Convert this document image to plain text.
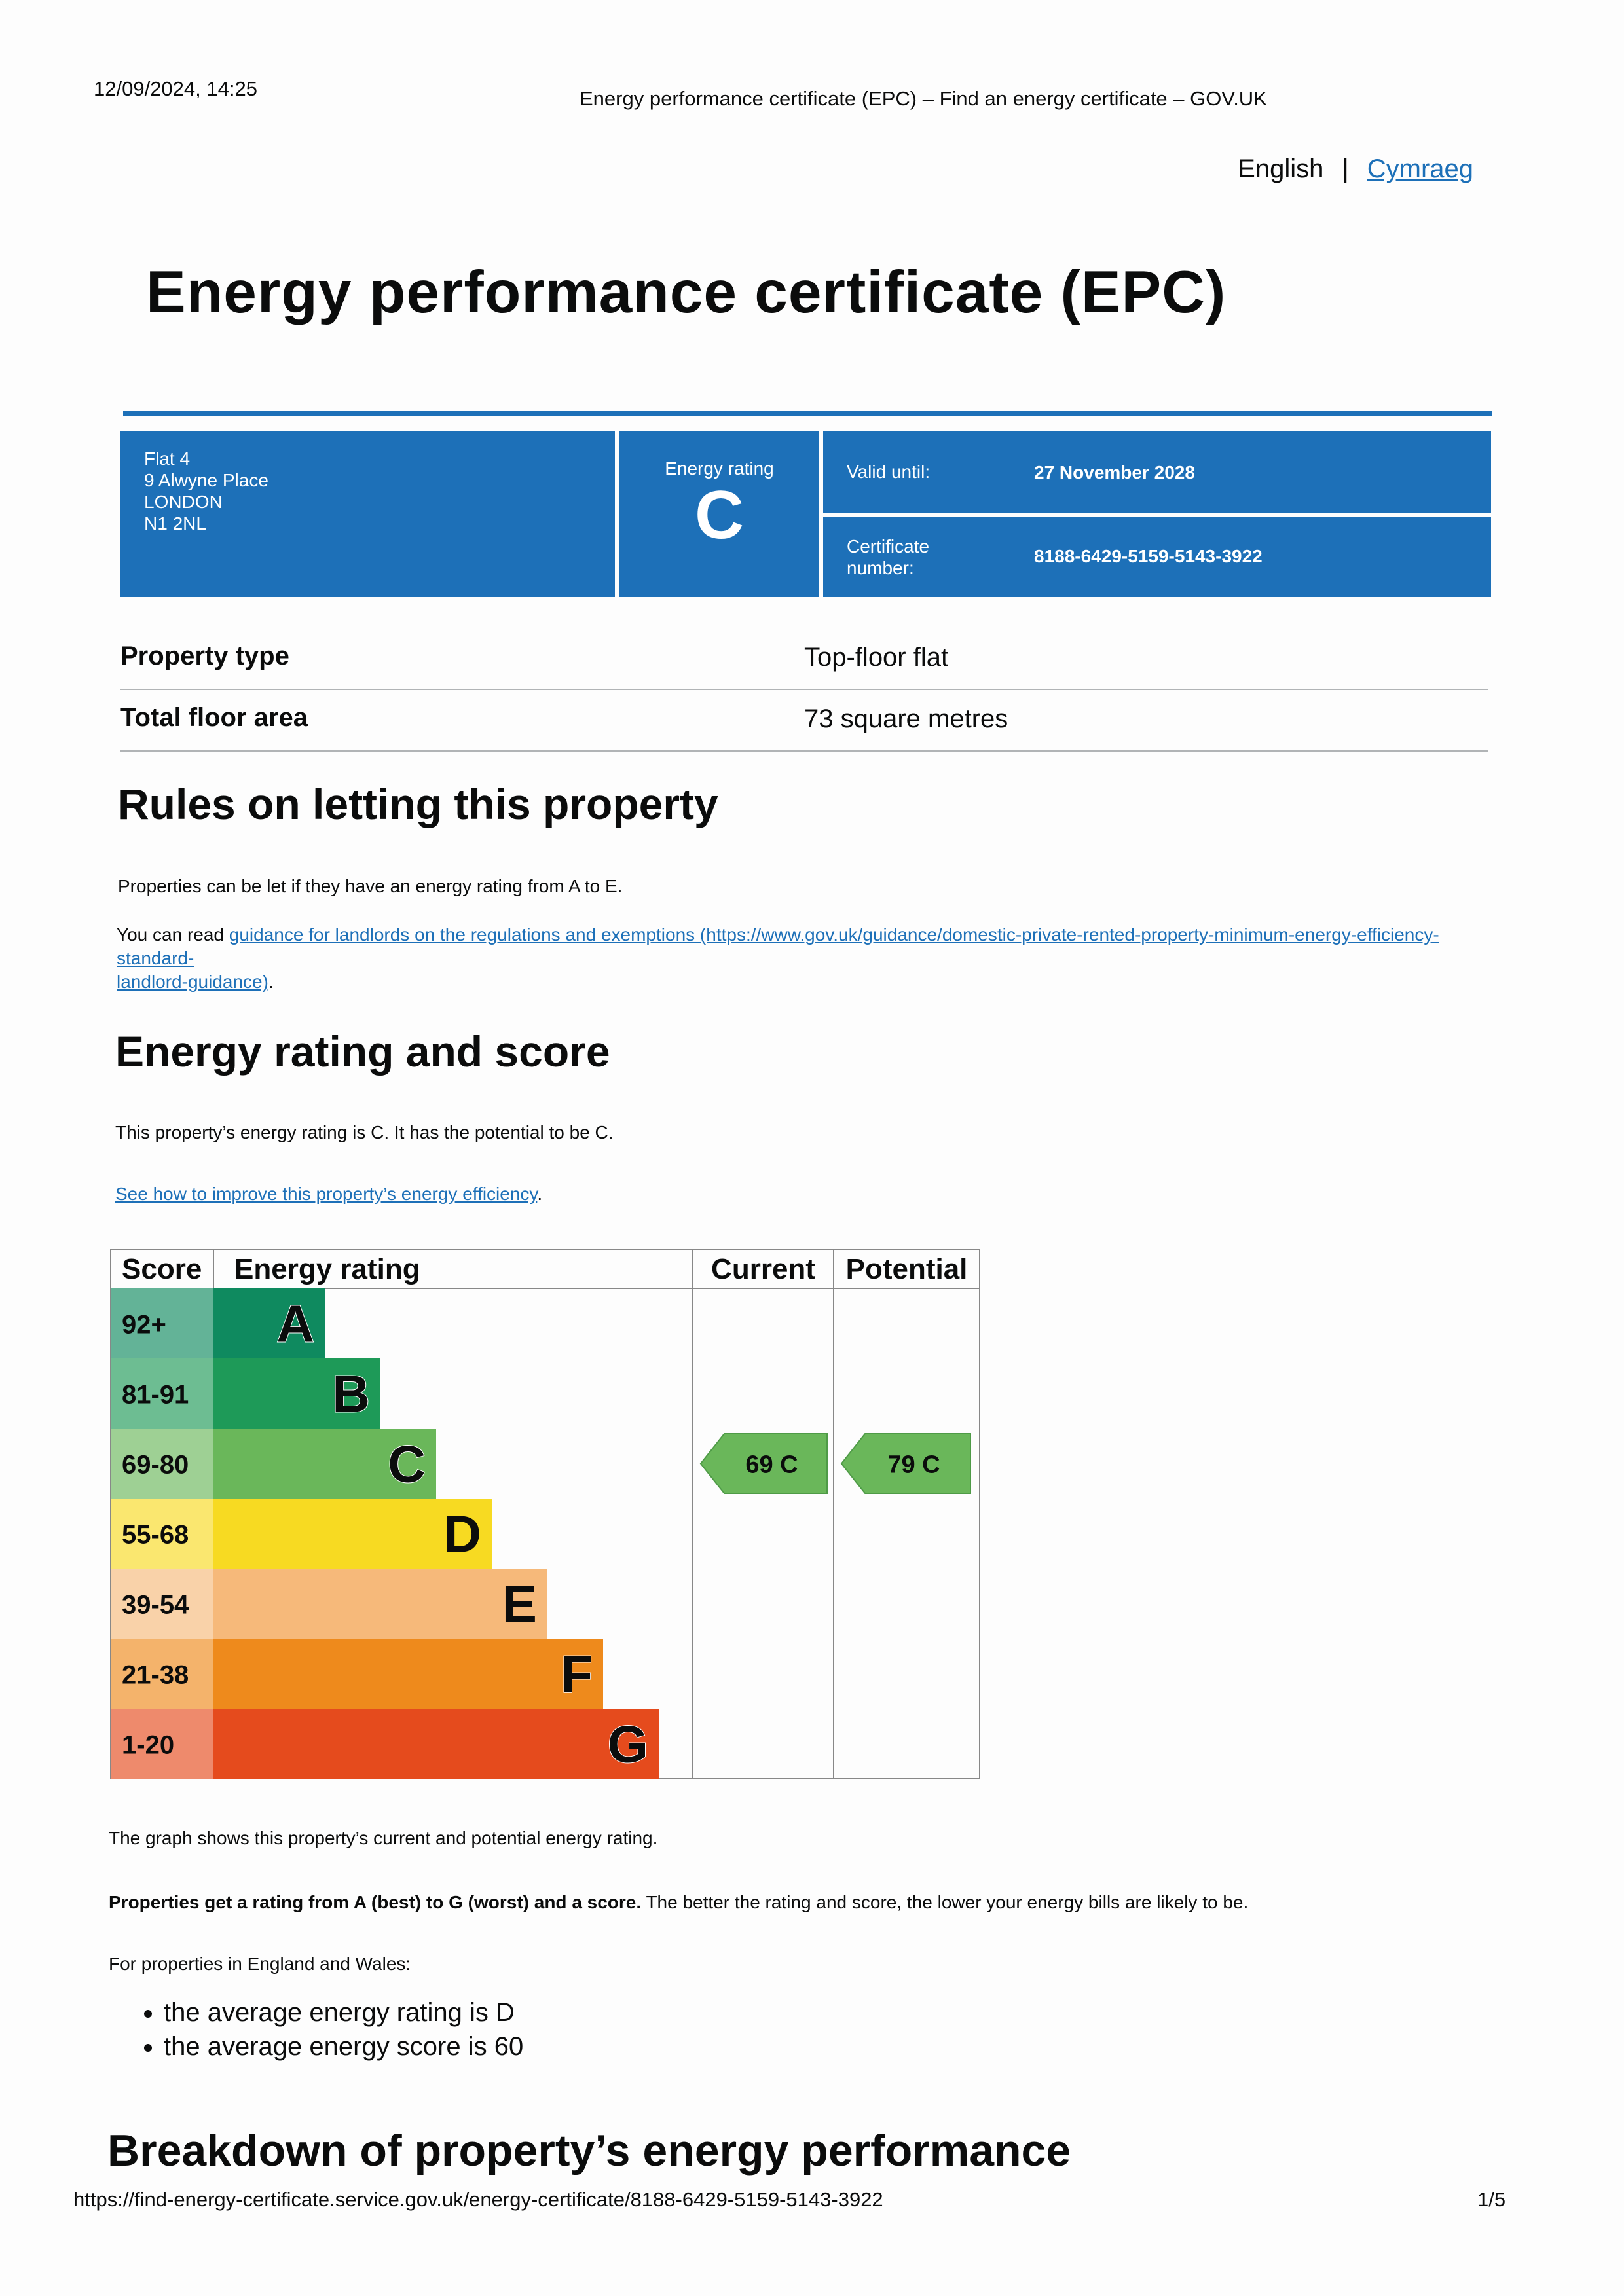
12/09/2024, 14:25	Energy performance certificate (EPC) – Find an energy certificate – GOV.UK
English | Cymraeg
Energy performance certificate (EPC)
Flat 4
9 Alwyne Place
LONDON
N1 2NL
Energy rating
C
Valid until:	27 November 2028
Certificate
number:
8188-6429-5159-5143-3922
Property type	Top-floor flat
Total floor area	73 square metres
Rules on letting this property
Properties can be let if they have an energy rating from A to E.
You can read guidance for landlords on the regulations and exemptions (https://www.gov.uk/guidance/domestic-private-rented-property-minimum-energy-efficiency-standard-
landlord-guidance).
Energy rating and score
This property’s energy rating is C. It has the potential to be C.
See how to improve this property’s energy efficiency.
Score Energy rating	Current Potential
92+ A
81-91	B
69-80	C
55-68	D
39-54	E
21-38	F
1-20	G
69 C	79 C
The graph shows this property’s current and potential energy rating.
Properties get a rating from A (best) to G (worst) and a score. The better the rating and score, the lower your energy bills are likely to be.
For properties in England and Wales:
• the average energy rating is D
• the average energy score is 60
Breakdown of property’s energy performance
https://find-energy-certificate.service.gov.uk/energy-certificate/8188-6429-5159-5143-3922	1/5
